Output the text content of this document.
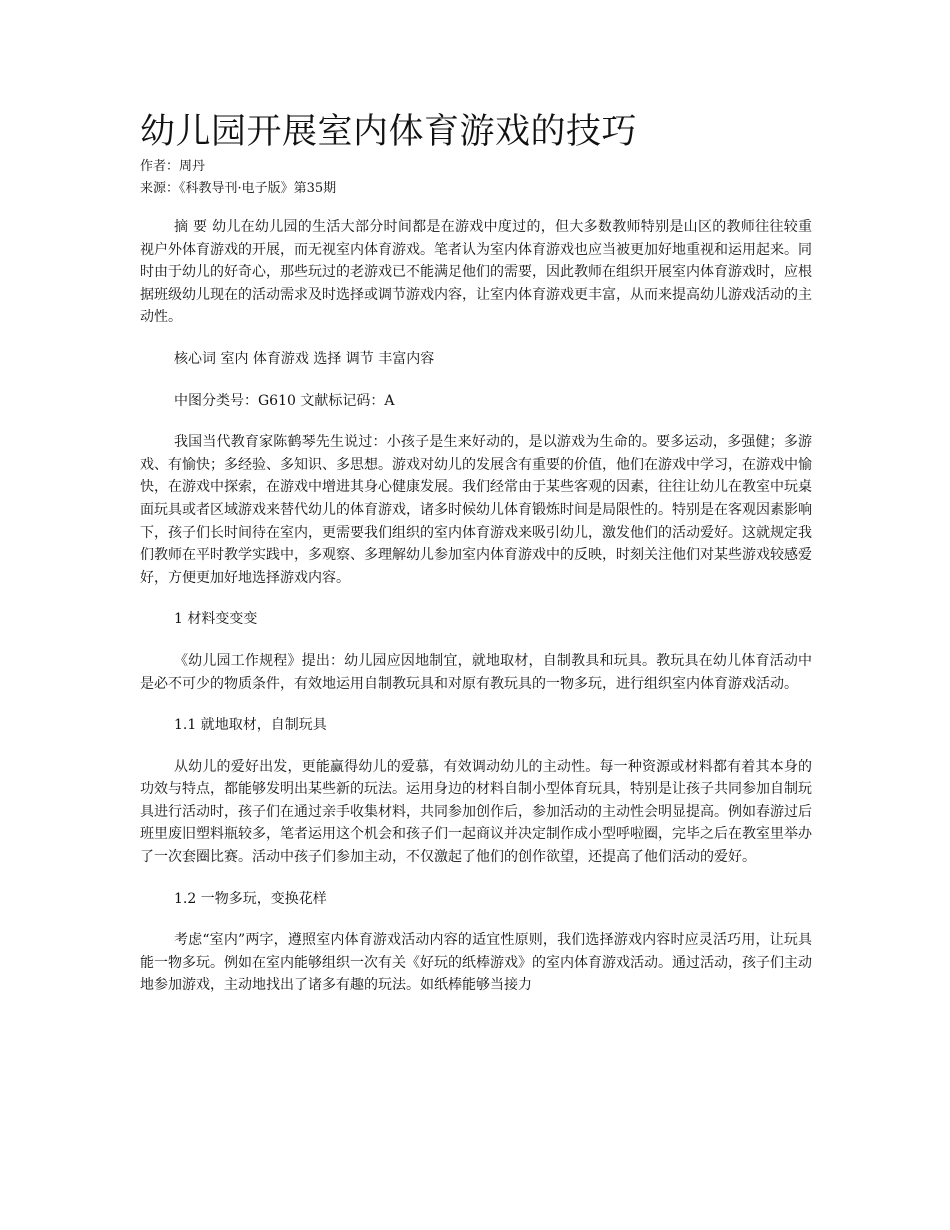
幼儿园开展室内体育游戏的技巧

作者：周丹

来源：《科教导刊·电子版》第35期

摘 要 幼儿在幼儿园的生活大部分时间都是在游戏中度过的，但大多数教师特别是山区的教师往往较重视户外体育游戏的开展，而无视室内体育游戏。笔者认为室内体育游戏也应当被更加好地重视和运用起来。同时由于幼儿的好奇心，那些玩过的老游戏已不能满足他们的需要，因此教师在组织开展室内体育游戏时，应根据班级幼儿现在的活动需求及时选择或调节游戏内容，让室内体育游戏更丰富，从而来提高幼儿游戏活动的主动性。

核心词 室内 体育游戏 选择 调节 丰富内容

中图分类号：G610 文献标记码：A

我国当代教育家陈鹤琴先生说过：小孩子是生来好动的，是以游戏为生命的。要多运动，多强健；多游戏、有愉快；多经验、多知识、多思想。游戏对幼儿的发展含有重要的价值，他们在游戏中学习，在游戏中愉快，在游戏中探索，在游戏中增进其身心健康发展。我们经常由于某些客观的因素，往往让幼儿在教室中玩桌面玩具或者区域游戏来替代幼儿的体育游戏，诸多时候幼儿体育锻炼时间是局限性的。特别是在客观因素影响下，孩子们长时间待在室内，更需要我们组织的室内体育游戏来吸引幼儿，激发他们的活动爱好。这就规定我们教师在平时教学实践中，多观察、多理解幼儿参加室内体育游戏中的反映，时刻关注他们对某些游戏较感爱好，方便更加好地选择游戏内容。

1 材料变变变

《幼儿园工作规程》提出：幼儿园应因地制宜，就地取材，自制教具和玩具。教玩具在幼儿体育活动中是必不可少的物质条件，有效地运用自制教玩具和对原有教玩具的一物多玩，进行组织室内体育游戏活动。

1.1 就地取材，自制玩具

从幼儿的爱好出发，更能赢得幼儿的爱慕，有效调动幼儿的主动性。每一种资源或材料都有着其本身的功效与特点，都能够发明出某些新的玩法。运用身边的材料自制小型体育玩具，特别是让孩子共同参加自制玩具进行活动时，孩子们在通过亲手收集材料，共同参加创作后，参加活动的主动性会明显提高。例如春游过后班里废旧塑料瓶较多，笔者运用这个机会和孩子们一起商议并决定制作成小型呼啦圈，完毕之后在教室里举办了一次套圈比赛。活动中孩子们参加主动，不仅激起了他们的创作欲望，还提高了他们活动的爱好。

1.2 一物多玩，变换花样

考虑“室内”两字，遵照室内体育游戏活动内容的适宜性原则，我们选择游戏内容时应灵活巧用，让玩具能一物多玩。例如在室内能够组织一次有关《好玩的纸棒游戏》的室内体育游戏活动。通过活动，孩子们主动地参加游戏，主动地找出了诸多有趣的玩法。如纸棒能够当接力
